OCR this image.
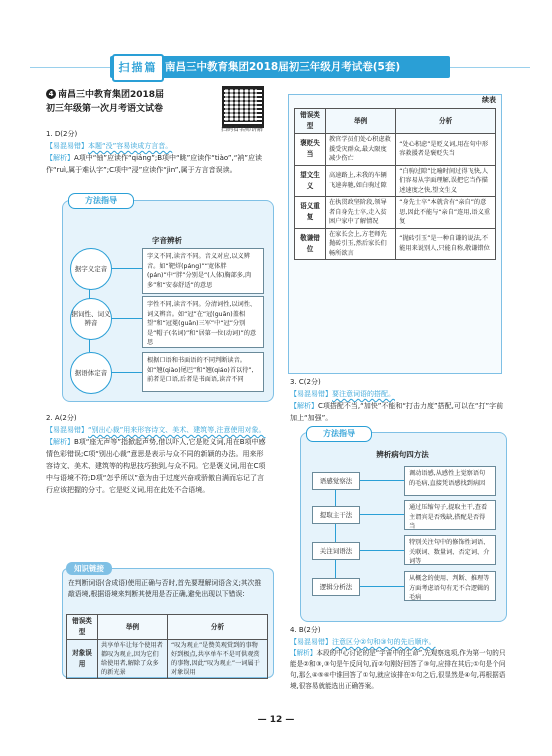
扫描篇 南昌三中教育集团2018届初三年级月考试卷(5套)
4 南昌三中教育集团2018届
初三年级第一次月考语文试卷
扫码看名师讲解
1. D(2分)
【易混易错】本题“没”容易读成方言音。
【解析】A项中“铀”应读作“qiáng”;B项中“眺”应读作“tiào”,“衲”应读作“ruì,属于难认字”;C项中“浸”应读作“jìn”,属于方言音误读。
方法指导
字音辨析
据字义定音
据词性、词义辨音
据语体定音
字义不同,读音不同。音义对应,以义辨音。如“靶烊(páng)”“宽体胖(pán)”中“胖”分别是“(人体)胸部多,肉多”和“安泰舒适”的意思
字性不同,读音不同。分清词性,以词性、词义辨音。如“冠”在“冠(guān)盖相望”和“冠冕(guān)三军”中“冠”分别是“帽子(名词)”和“居第一位(动词)”的意思
根据口语和书面语的不同判断读音。如“翘(qiào)尾巴”和“翘(qiáo)首以待”,前者是口语,后者是书面语,读音不同
2. A(2分)
【易混易错】“别出心裁”用来形容诗文、美术、建筑等,注意使用对象。
【解析】B项“座无声等”指掀起声势,借以吓人,它是贬义词,用在B项中感情色彩错误;C项“别出心裁”意思是表示与众不同的新颖的办法。用来形容诗文、美术、建筑等的构思技巧独到,与众不同。它是褒义词,用在C项中与语境不符;D项“怎乎所以”意为由于过度兴奋或骄傲自满而忘记了言行应该把握的分寸。它是贬义词,用在此处不合语境。
知识链接
在判断词语(含成语)使用正确与否时,首先要理解词语含义;其次推敲语境,根据语境来判断其使用是否正确,避免出现以下错误:
错误类型	举例	分析
对象误用	共享单车让每个使用者都叹为观止,因为它们给使用者,解除了众多的新光景	“叹为观止”是赞美观赏到的事物好到极点,共享单车不是可供观赏的事物,因此“叹为观止”一词属于对象误用
续表
错误类型	举例	分析
褒贬失当	教官学员们处心积虑救援受灾群众,最大限度减少伤亡	“处心积虑”是贬义词,用在句中形容救援者是褒贬失当
望文生义	高速路上,未我的车辆飞速奔驰,如白驹过隙	“白驹过隙”比喻时间过得飞快,人们容易从字面理解,误把它当作描述速度之快,望文生义
语义重复	在执贯政坚阶段,领导者自身先士卒,走入贫困户家中了解情况	“身先士卒”本就含有“亲自”的意思,因此不能与“亲自”连用,语义重复
敬谦错位	在家长会上,方老师先抛砖引玉,然后家长们畅所欲言	“抛砖引玉”是一种自谦的说法,不能用来说别人,只能自称,敬谦错位
3. C(2分)
【易混易错】要注意词语的搭配。
【解析】C项搭配不当,“加快”不能和“打击力度”搭配,可以在“打”字前加上“加强”。
方法指导
辨析病句四方法
语感觉察法
提取主干法
关注词语法
逻辑分析法
调动语感,从感性上觉察语句的毛病,直接凭语感找到病因
通过压缩句子,提取主干,查看主谓宾是否残缺,搭配是否得当
特别关注句中的修饰性词语、关联词、数量词、否定词、介词等
从概念的使用、判断、推理等方面考虑语句有无不合逻辑的毛病
4. B(2分)
【易混易错】注意区分②句和③句的先后顺序。
【解析】本段的中心讨论的是“宇宙中的生命”,先观察选项,作为第一句的只能是②和③,③句是午反问句,而②句刚好回答了③句,应排在其后;①句是个问句,那么④⑤⑥中谁回答了①句,就应该排在①句之后,很显然是④句,再根据语境,很容易就能选出正确答案。
— 12 —
